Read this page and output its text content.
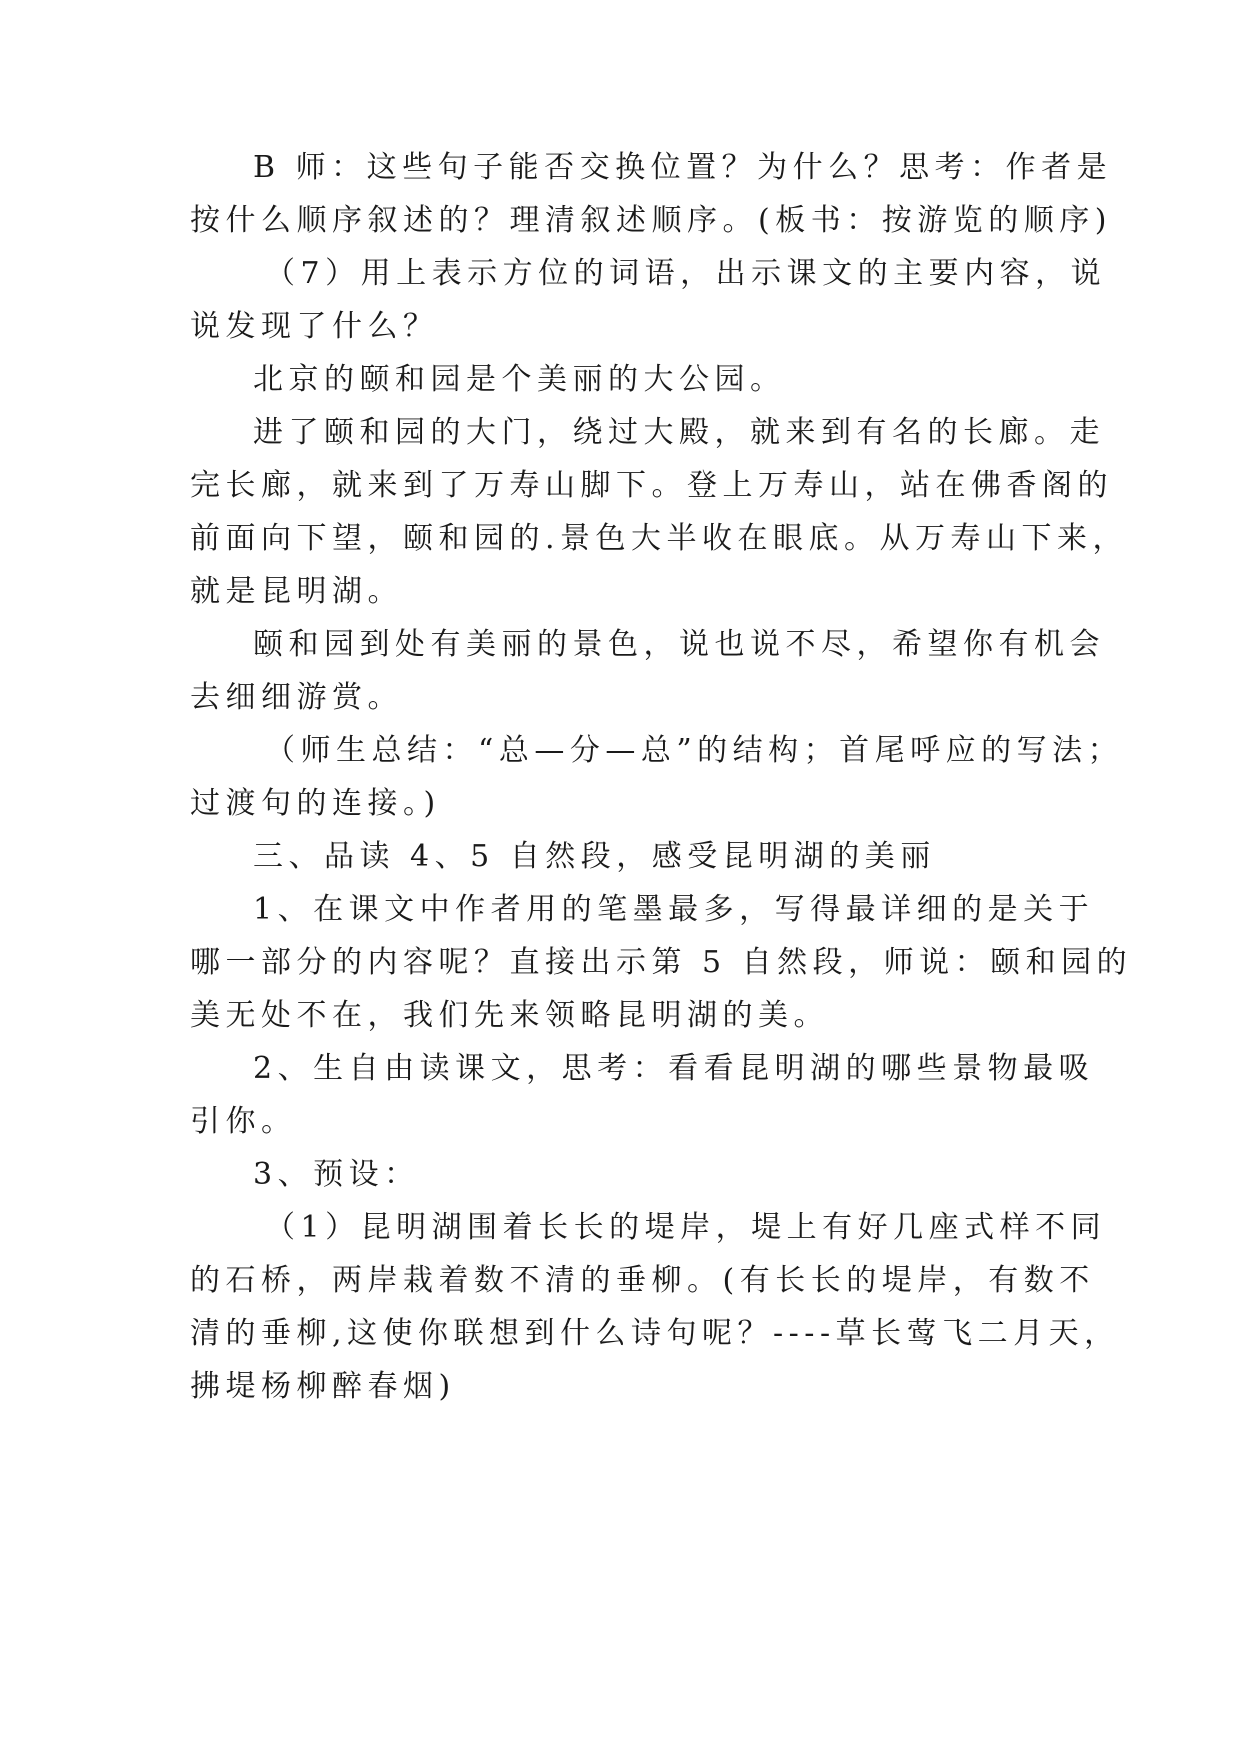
B 师：这些句子能否交换位置？为什么？思考：作者是
按什么顺序叙述的？理清叙述顺序。(板书：按游览的顺序)
（7）用上表示方位的词语，出示课文的主要内容，说
说发现了什么？
北京的颐和园是个美丽的大公园。
进了颐和园的大门，绕过大殿，就来到有名的长廊。走
完长廊，就来到了万寿山脚下。登上万寿山，站在佛香阁的
前面向下望，颐和园的.景色大半收在眼底。从万寿山下来，
就是昆明湖。
颐和园到处有美丽的景色，说也说不尽，希望你有机会
去细细游赏。
（师生总结：“总—分—总”的结构；首尾呼应的写法；
过渡句的连接。)
三、品读 4、5 自然段，感受昆明湖的美丽
1、在课文中作者用的笔墨最多，写得最详细的是关于
哪一部分的内容呢？直接出示第 5 自然段，师说：颐和园的
美无处不在，我们先来领略昆明湖的美。
2、生自由读课文，思考：看看昆明湖的哪些景物最吸
引你。
3、预设：
（1）昆明湖围着长长的堤岸，堤上有好几座式样不同
的石桥，两岸栽着数不清的垂柳。(有长长的堤岸，有数不
清的垂柳,这使你联想到什么诗句呢？----草长莺飞二月天，
拂堤杨柳醉春烟)
